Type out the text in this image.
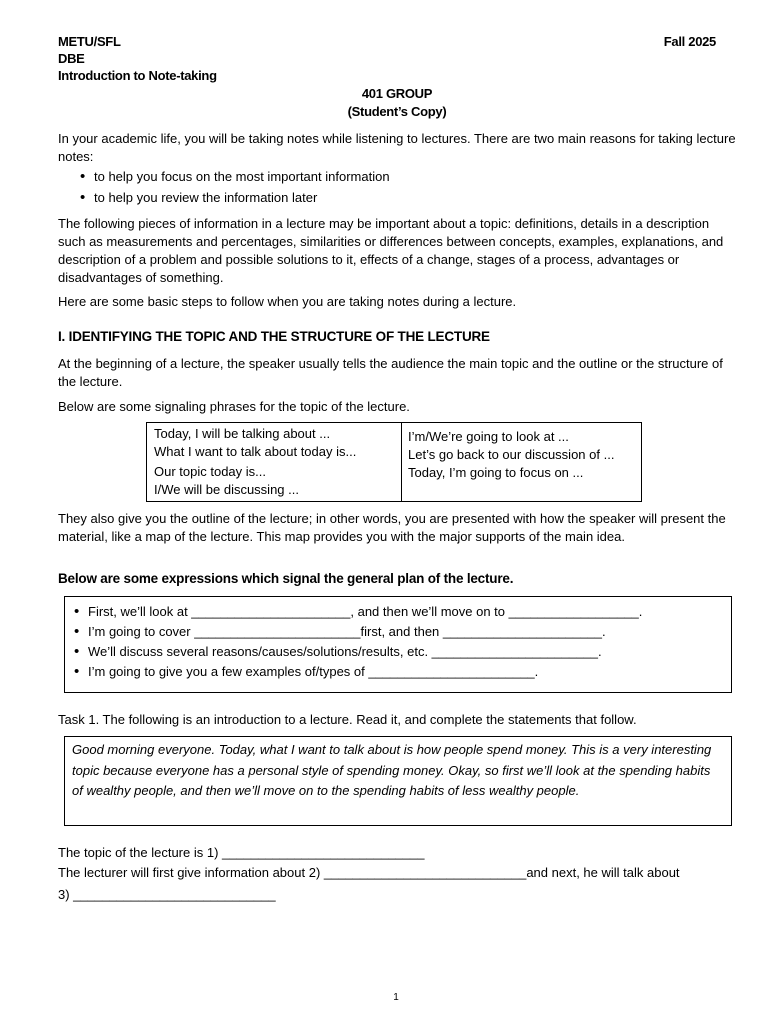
METU/SFL	Fall 2025
DBE
Introduction to Note-taking
401 GROUP
(Student’s Copy)
In your academic life, you will be taking notes while listening to lectures. There are two main reasons for taking lecture notes:
• to help you focus on the most important information
• to help you review the information later
The following pieces of information in a lecture may be important about a topic: definitions, details in a description such as measurements and percentages, similarities or differences between concepts, examples, explanations, and description of a problem and possible solutions to it, effects of a change, stages of a process, advantages or disadvantages of something.
Here are some basic steps to follow when you are taking notes during a lecture.
I. IDENTIFYING THE TOPIC AND THE STRUCTURE OF THE LECTURE
At the beginning of a lecture, the speaker usually tells the audience the main topic and the outline or the structure of the lecture.
Below are some signaling phrases for the topic of the lecture.
Today, I will be talking about ...
What I want to talk about today is...
Our topic today is...
I/We will be discussing ...
I’m/We’re going to look at ...
Let’s go back to our discussion of ...
Today, I’m going to focus on ...
They also give you the outline of the lecture; in other words, you are presented with how the speaker will present the material, like a map of the lecture. This map provides you with the major supports of the main idea.
Below are some expressions which signal the general plan of the lecture.
• First, we’ll look at ______________________, and then we’ll move on to __________________.
• I’m going to cover _______________________first, and then ______________________.
• We’ll discuss several reasons/causes/solutions/results, etc. _______________________.
• I’m going to give you a few examples of/types of _______________________.
Task 1. The following is an introduction to a lecture. Read it, and complete the statements that follow.
Good morning everyone. Today, what I want to talk about is how people spend money. This is a very interesting topic because everyone has a personal style of spending money. Okay, so first we’ll look at the spending habits of wealthy people, and then we’ll move on to the spending habits of less wealthy people.
The topic of the lecture is 1) ____________________________
The lecturer will first give information about 2) ____________________________and next, he will talk about
3) ____________________________
1
